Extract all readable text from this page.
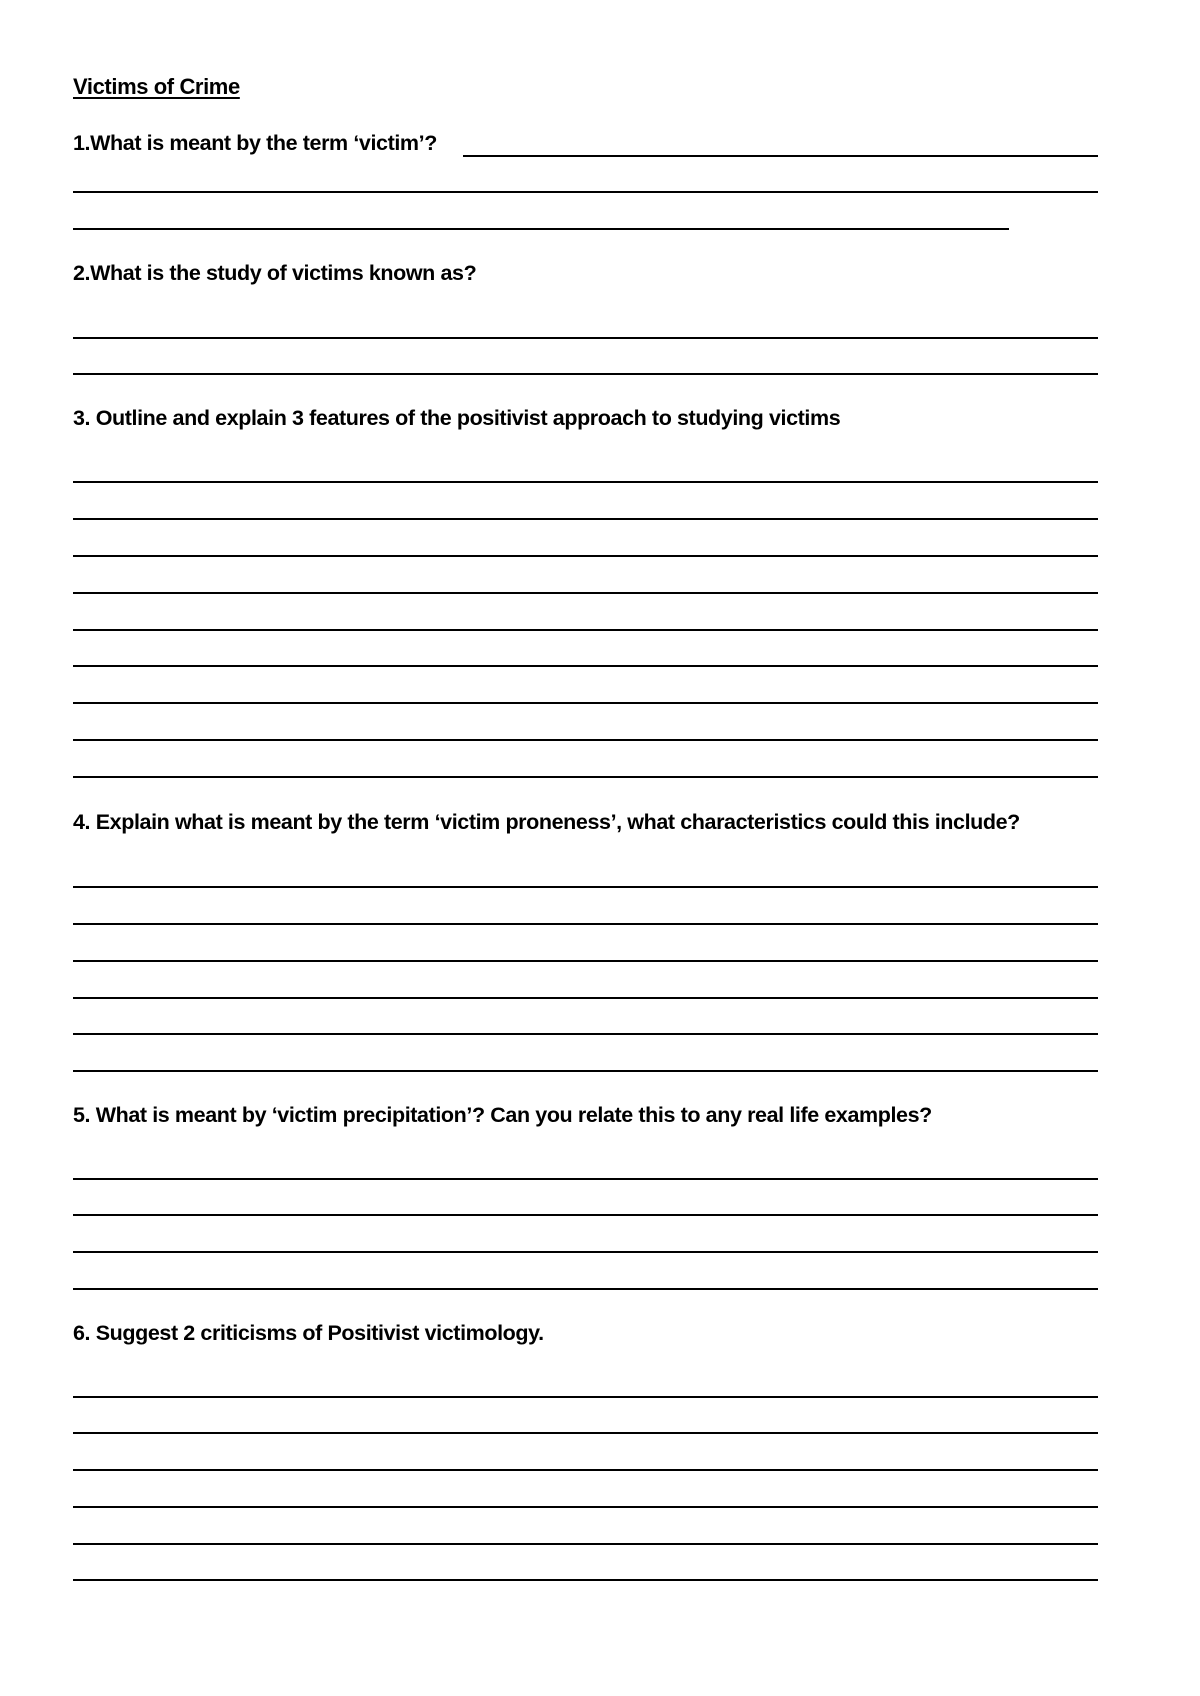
Victims of Crime
1.What is meant by the term ‘victim’?
2.What is the study of victims known as?
3. Outline and explain 3 features of the positivist approach to studying victims
4. Explain what is meant by the term ‘victim proneness’, what characteristics could this include?
5. What is meant by ‘victim precipitation’? Can you relate this to any real life examples?
6. Suggest 2 criticisms of Positivist victimology.
